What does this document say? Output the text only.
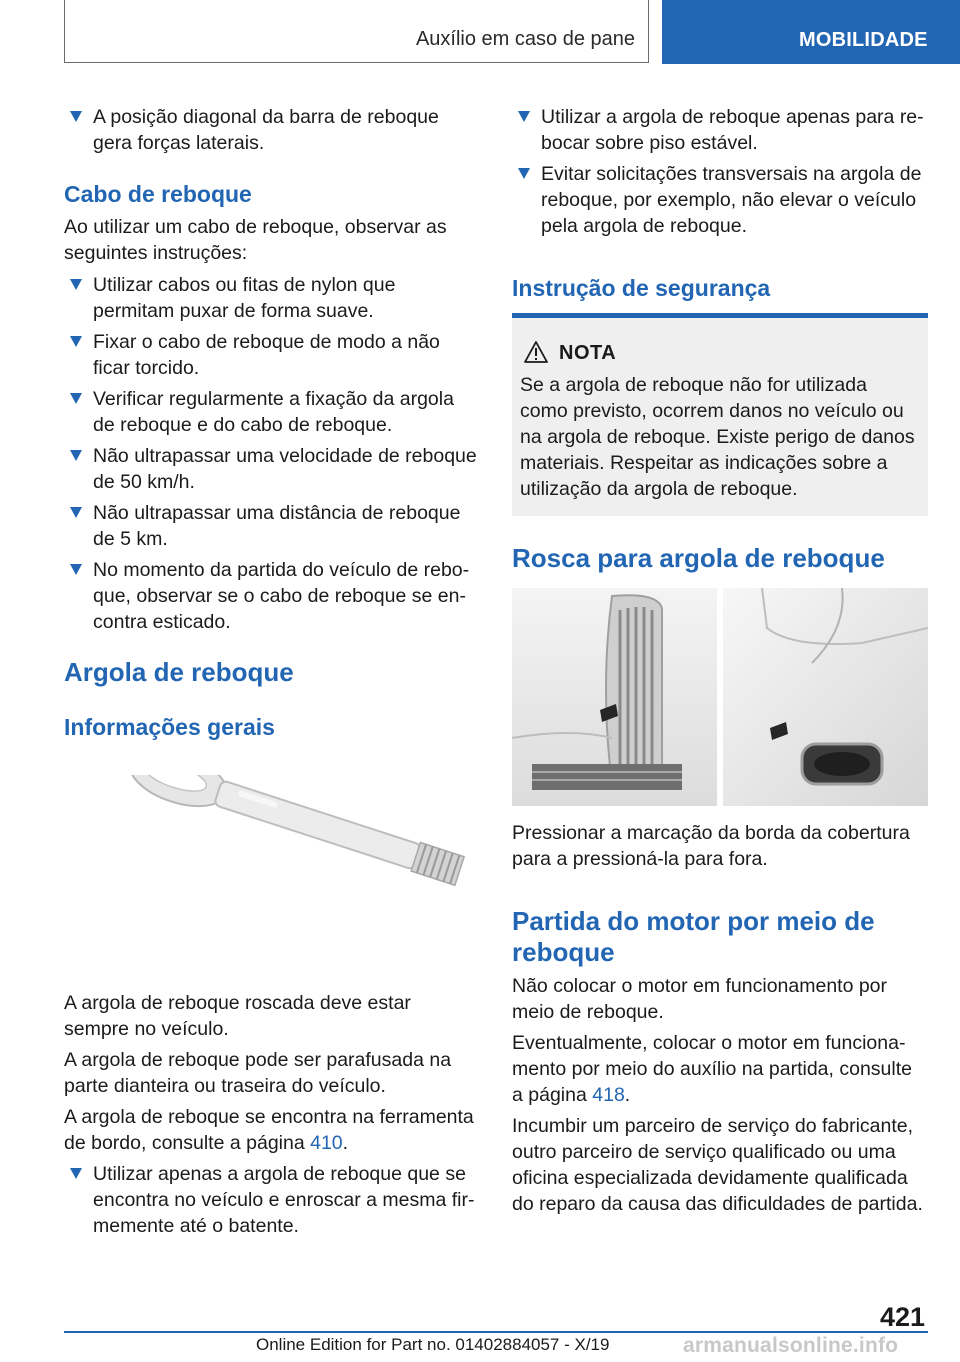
Auxílio em caso de pane	MOBILIDADE
A posição diagonal da barra de reboque gera forças laterais.
Cabo de reboque

Ao utilizar um cabo de reboque, observar as seguintes instruções:

Utilizar cabos ou fitas de nylon que permitam puxar de forma suave.
Fixar o cabo de reboque de modo a não ficar torcido.
Verificar regularmente a fixação da argola de reboque e do cabo de reboque.
Não ultrapassar uma velocidade de reboque de 50 km/h.
Não ultrapassar uma distância de reboque de 5 km.
No momento da partida do veículo de reboque, observar se o cabo de reboque se encontra esticado.
Argola de reboque
Informações gerais

A argola de reboque roscada deve estar sempre no veículo.

A argola de reboque pode ser parafusada na parte dianteira ou traseira do veículo.

A argola de reboque se encontra na ferramenta de bordo, consulte a página 410.

Utilizar apenas a argola de reboque que se encontra no veículo e enroscar a mesma firmemente até o batente.
Utilizar a argola de reboque apenas para rebocar sobre piso estável.
Evitar solicitações transversais na argola de reboque, por exemplo, não elevar o veículo pela argola de reboque.
Instrução de segurança
NOTA

Se a argola de reboque não for utilizada como previsto, ocorrem danos no veículo ou na argola de reboque. Existe perigo de danos materiais. Respeitar as indicações sobre a utilização da argola de reboque.

Rosca para argola de reboque

Pressionar a marcação da borda da cobertura para a pressioná-la para fora.

Partida do motor por meio de reboque

Não colocar o motor em funcionamento por meio de reboque.

Eventualmente, colocar o motor em funcionamento por meio do auxílio na partida, consulte a página 418.

Incumbir um parceiro de serviço do fabricante, outro parceiro de serviço qualificado ou uma oficina especializada devidamente qualificada do reparo da causa das dificuldades de partida.

421
Online Edition for Part no. 01402884057 - X/19	armanualsonline.info
